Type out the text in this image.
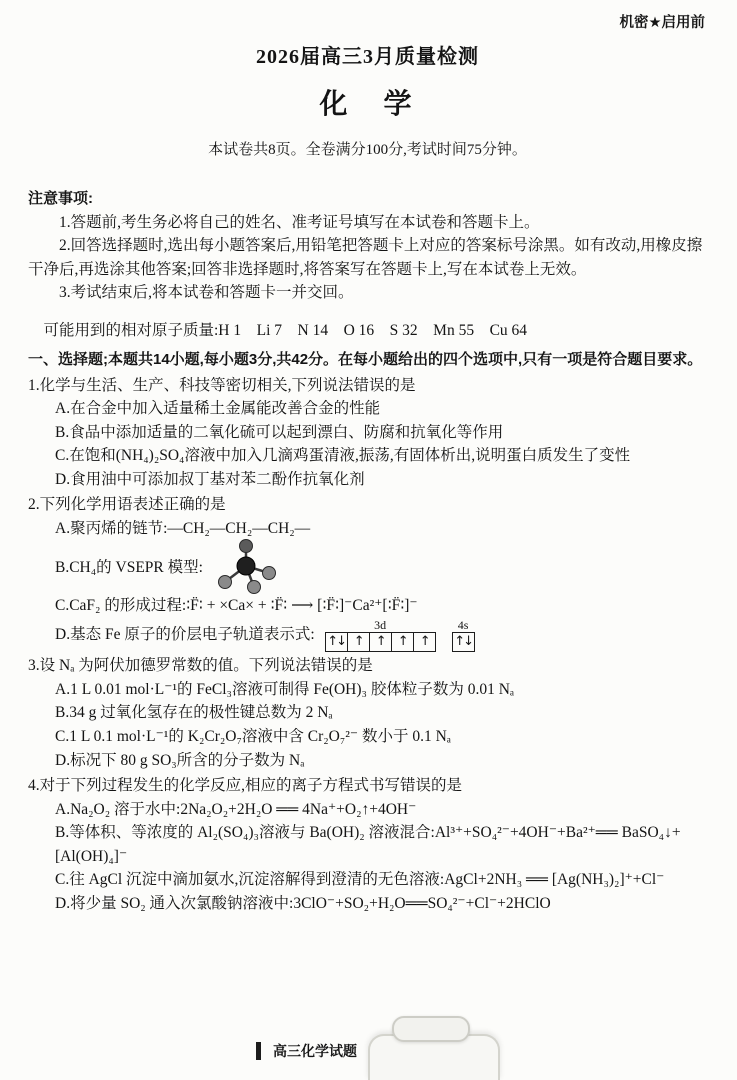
机密★启用前
2026届高三3月质量检测
化　学
本试卷共8页。全卷满分100分,考试时间75分钟。
注意事项:

1.答题前,考生务必将自己的姓名、准考证号填写在本试卷和答题卡上。

2.回答选择题时,选出每小题答案后,用铅笔把答题卡上对应的答案标号涂黑。如有改动,用橡皮擦干净后,再选涂其他答案;回答非选择题时,将答案写在答题卡上,写在本试卷上无效。

3.考试结束后,将本试卷和答题卡一并交回。

可能用到的相对原子质量:H 1　Li 7　N 14　O 16　S 32　Mn 55　Cu 64

一、选择题;本题共14小题,每小题3分,共42分。在每小题给出的四个选项中,只有一项是符合题目要求。

1.化学与生活、生产、科技等密切相关,下列说法错误的是

A.在合金中加入适量稀土金属能改善合金的性能

B.食品中添加适量的二氧化硫可以起到漂白、防腐和抗氧化等作用

C.在饱和(NH₄)₂SO₄溶液中加入几滴鸡蛋清液,振荡,有固体析出,说明蛋白质发生了变性

D.食用油中可添加叔丁基对苯二酚作抗氧化剂

2.下列化学用语表述正确的是

A.聚丙烯的链节:—CH₂—CH₂—CH₂—

B.CH₄的 VSEPR 模型:

C.CaF₂ 的形成过程:∶F̈∶ + ×Ca× + ∶F̈∶ ⟶ [∶F̈∶]⁻Ca²⁺[∶F̈∶]⁻

D.基态 Fe 原子的价层电子轨道表示式:
3d
↑↓ ↑	↑	↑	↑
4s
↑↓

3.设 Nₐ 为阿伏加德罗常数的值。下列说法错误的是

A.1 L 0.01 mol·L⁻¹的 FeCl₃溶液可制得 Fe(OH)₃ 胶体粒子数为 0.01 Nₐ

B.34 g 过氧化氢存在的极性键总数为 2 Nₐ

C.1 L 0.1 mol·L⁻¹的 K₂Cr₂O₇溶液中含 Cr₂O₇²⁻ 数小于 0.1 Nₐ

D.标况下 80 g SO₃所含的分子数为 Nₐ

4.对于下列过程发生的化学反应,相应的离子方程式书写错误的是

A.Na₂O₂ 溶于水中:2Na₂O₂+2H₂O ══ 4Na⁺+O₂↑+4OH⁻

B.等体积、等浓度的 Al₂(SO₄)₃溶液与 Ba(OH)₂ 溶液混合:Al³⁺+SO₄²⁻+4OH⁻+Ba²⁺══ BaSO₄↓+[Al(OH)₄]⁻

C.往 AgCl 沉淀中滴加氨水,沉淀溶解得到澄清的无色溶液:AgCl+2NH₃ ══ [Ag(NH₃)₂]⁺+Cl⁻

D.将少量 SO₂ 通入次氯酸钠溶液中:3ClO⁻+SO₂+H₂O══SO₄²⁻+Cl⁻+2HClO

高三化学试题
